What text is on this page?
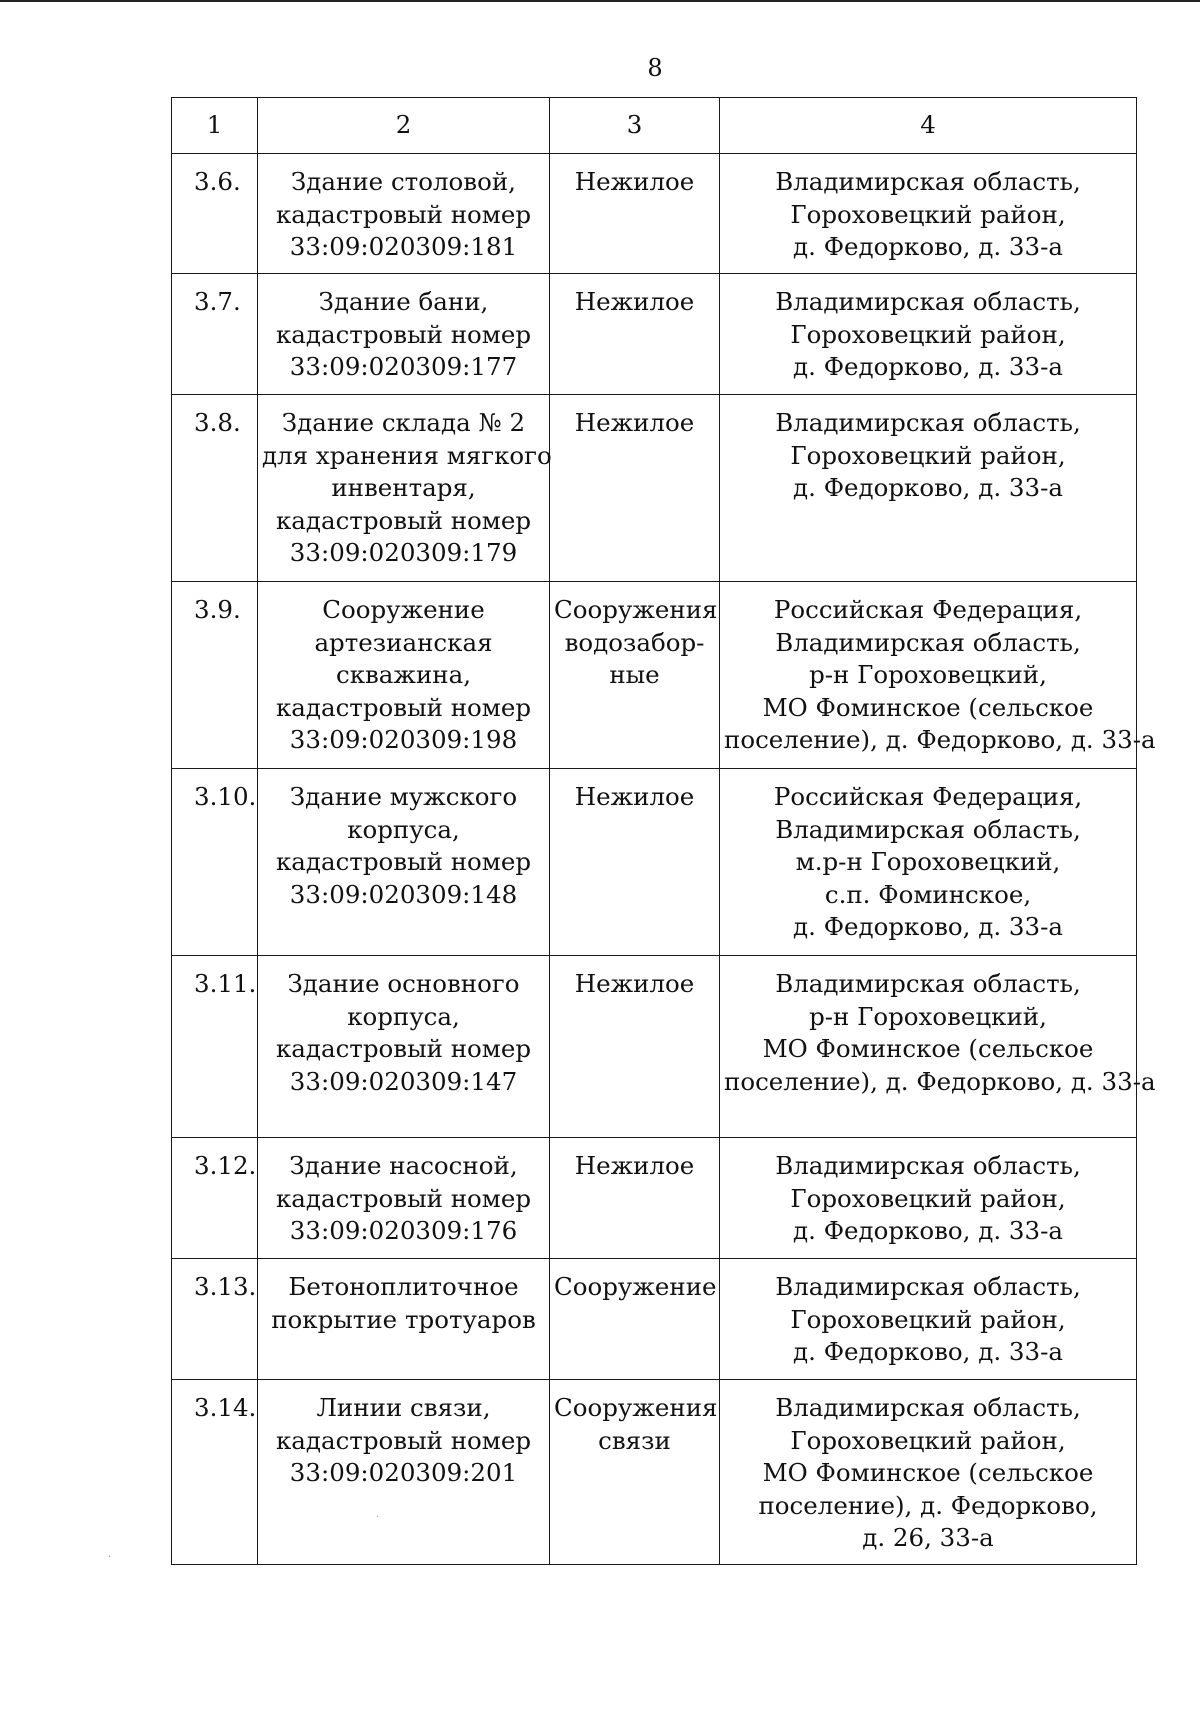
8
1	2	3	4
3.6.	Здание столовой,
кадастровый номер
33:09:020309:181	Нежилое	Владимирская область,
Гороховецкий район,
д. Федорково, д. 33-а

3.7.	Здание бани,
кадастровый номер
33:09:020309:177	Нежилое	Владимирская область,
Гороховецкий район,
д. Федорково, д. 33-а

3.8.	Здание склада № 2
для хранения мягкого
инвентаря,
кадастровый номер
33:09:020309:179	Нежилое	Владимирская область,
Гороховецкий район,
д. Федорково, д. 33-а

3.9.	Сооружение
артезианская
скважина,
кадастровый номер
33:09:020309:198	Сооружения
водозабор-
ные	Российская Федерация,
Владимирская область,
р-н Гороховецкий,
МО Фоминское (сельское
поселение), д. Федорково, д. 33-а

3.10.	Здание мужского
корпуса,
кадастровый номер
33:09:020309:148	Нежилое	Российская Федерация,
Владимирская область,
м.р-н Гороховецкий,
с.п. Фоминское,
д. Федорково, д. 33-а

3.11.	Здание основного
корпуса,
кадастровый номер
33:09:020309:147	Нежилое	Владимирская область,
р-н Гороховецкий,
МО Фоминское (сельское
поселение), д. Федорково, д. 33-а

3.12.	Здание насосной,
кадастровый номер
33:09:020309:176	Нежилое	Владимирская область,
Гороховецкий район,
д. Федорково, д. 33-а

3.13.	Бетоноплиточное
покрытие тротуаров	Сооружение	Владимирская область,
Гороховецкий район,
д. Федорково, д. 33-а

3.14.	Линии связи,
кадастровый номер
33:09:020309:201	Сооружения
связи	Владимирская область,
Гороховецкий район,
МО Фоминское (сельское
поселение), д. Федорково,
д. 26, 33-а
·
·
